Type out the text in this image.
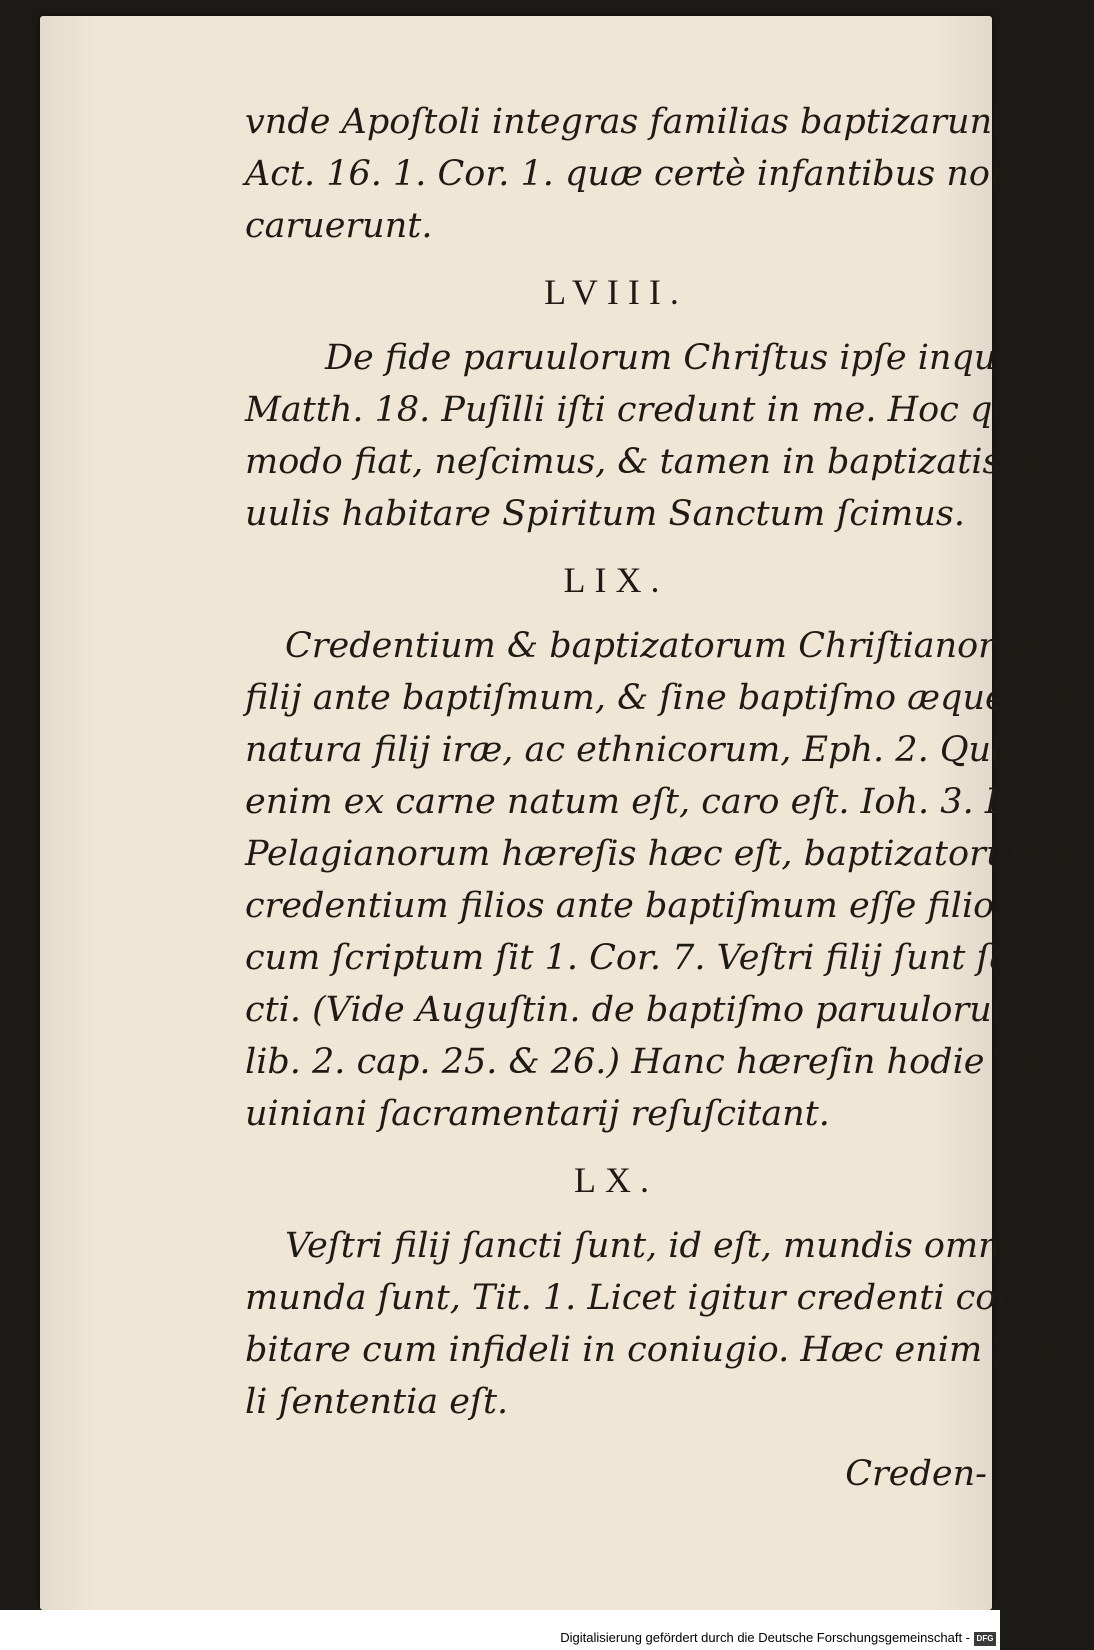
vnde Apoſtoli integras familias baptizarunt,
Act. 16. 1. Cor. 1. quæ certè infantibus non
caruerunt.
LVIII.
De fide paruulorum Chriſtus ipſe inquit
Matth. 18. Puſilli iſti credunt in me. Hoc quo-
modo fiat, neſcimus, & tamen in baptizatis par-
uulis habitare Spiritum Sanctum ſcimus.
LIX.
Credentium & baptizatorum Chriſtianorum
filij ante baptiſmum, & ſine baptiſmo æquè ſunt
natura filij iræ, ac ethnicorum, Eph. 2. Quod
enim ex carne natum eſt, caro eſt. Ioh. 3. Et
Pelagianorum hæreſis hæc eſt, baptizatorum &
credentium filios ante baptiſmum eſſe filios Dei,
cum ſcriptum ſit 1. Cor. 7. Veſtri filij ſunt ſan-
cti. (Vide Auguſtin. de baptiſmo paruulorum
lib. 2. cap. 25. & 26.) Hanc hæreſin hodie Cal-
uiniani ſacramentarij reſuſcitant.
LX.
Veſtri filij ſancti ſunt, id eſt, mundis omnia
munda ſunt, Tit. 1. Licet igitur credenti coha-
bitare cum infideli in coniugio. Hæc enim Pau-
li ſententia eſt.
Creden-
Digitalisierung gefördert durch die Deutsche Forschungsgemeinschaft - DFG
